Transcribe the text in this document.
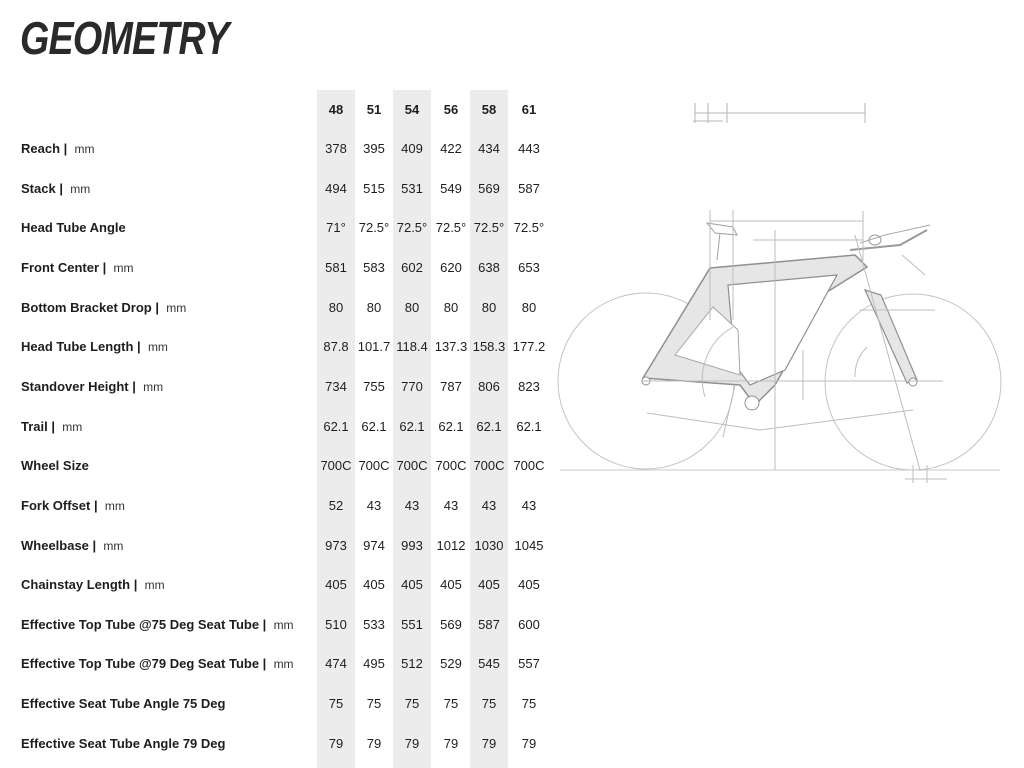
GEOMETRY
48	51	54	56	58	61
Reach |  mm	378	395	409	422	434	443
Stack |  mm	494	515	531	549	569	587
Head Tube Angle	71° 72.5° 72.5° 72.5° 72.5° 72.5°
Front Center |  mm	581	583	602	620	638	653
Bottom Bracket Drop |  mm	80	80	80	80	80	80
Head Tube Length |  mm	87.8 101.7 118.4 137.3 158.3 177.2
Standover Height |  mm	734	755	770	787	806	823
Trail |  mm	62.1 62.1 62.1	62.1 62.1	62.1
Wheel Size	700C 700C 700C 700C 700C 700C
Fork Offset |  mm	52	43	43	43	43	43
Wheelbase |  mm	973	974	993	1012 1030 1045
Chainstay Length |  mm	405	405	405	405	405	405
Effective Top Tube @75 Deg Seat Tube |  mm	510	533	551	569	587	600
Effective Top Tube @79 Deg Seat Tube |  mm	474	495	512	529	545	557
Effective Seat Tube Angle 75 Deg	75	75	75	75	75	75
Effective Seat Tube Angle 79 Deg	79	79	79	79	79	79
